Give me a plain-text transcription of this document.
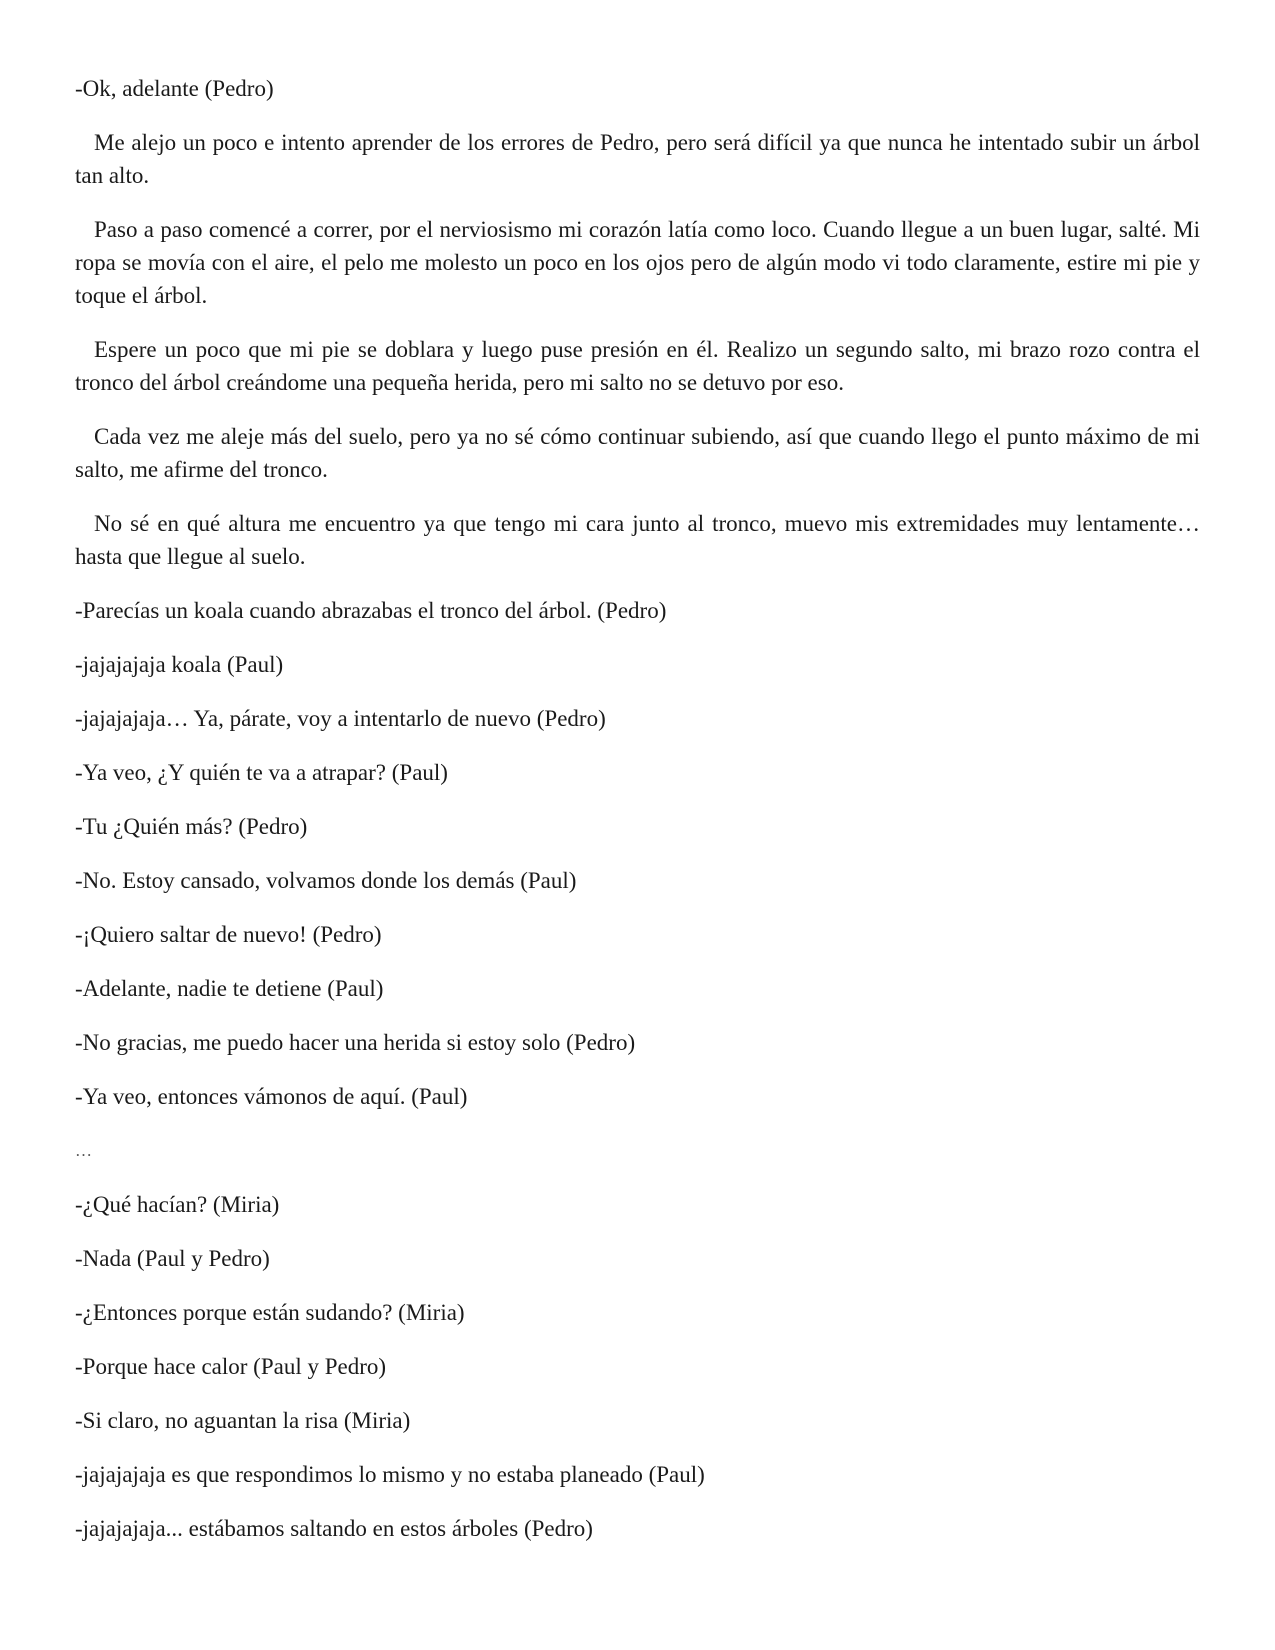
-Ok, adelante (Pedro)

Me alejo un poco e intento aprender de los errores de Pedro, pero será difícil ya que nunca he intentado subir un árbol tan alto.

Paso a paso comencé a correr, por el nerviosismo mi corazón latía como loco. Cuando llegue a un buen lugar, salté. Mi ropa se movía con el aire, el pelo me molesto un poco en los ojos pero de algún modo vi todo claramente, estire mi pie y toque el árbol.

Espere un poco que mi pie se doblara y luego puse presión en él. Realizo un segundo salto, mi brazo rozo contra el tronco del árbol creándome una pequeña herida, pero mi salto no se detuvo por eso.

Cada vez me aleje más del suelo, pero ya no sé cómo continuar subiendo, así que cuando llego el punto máximo de mi salto, me afirme del tronco.

No sé en qué altura me encuentro ya que tengo mi cara junto al tronco, muevo mis extremidades muy lentamente… hasta que llegue al suelo.

-Parecías un koala cuando abrazabas el tronco del árbol. (Pedro)

-jajajajaja koala (Paul)

-jajajajaja… Ya, párate, voy a intentarlo de nuevo (Pedro)

-Ya veo, ¿Y quién te va a atrapar? (Paul)

-Tu ¿Quién más? (Pedro)

-No. Estoy cansado, volvamos donde los demás (Paul)

-¡Quiero saltar de nuevo! (Pedro)

-Adelante, nadie te detiene (Paul)

-No gracias, me puedo hacer una herida si estoy solo (Pedro)

-Ya veo, entonces vámonos de aquí. (Paul)

…

-¿Qué hacían? (Miria)

-Nada (Paul y Pedro)

-¿Entonces porque están sudando? (Miria)

-Porque hace calor (Paul y Pedro)

-Si claro, no aguantan la risa (Miria)

-jajajajaja es que respondimos lo mismo y no estaba planeado (Paul)

-jajajajaja... estábamos saltando en estos árboles (Pedro)
